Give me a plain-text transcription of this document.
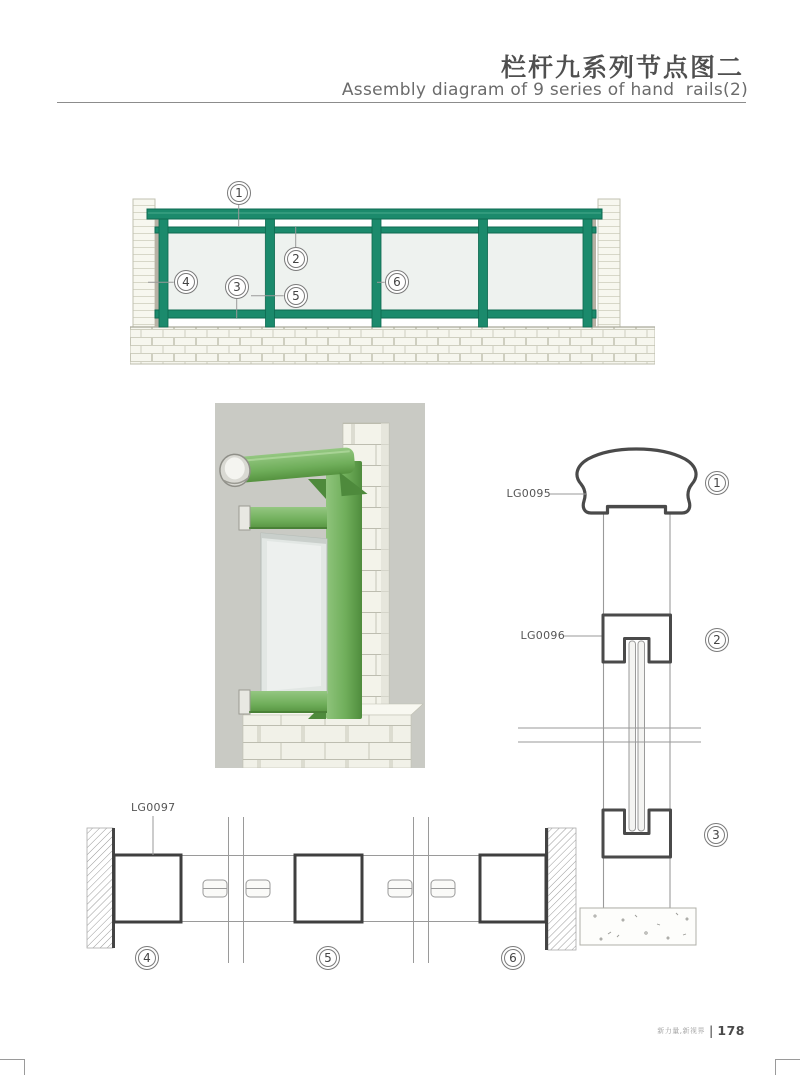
栏杆九系列节点图二
Assembly diagram of 9 series of hand  rails(2)
1
2
3
4
5
6
LG0095
LG0096
1
2
3
LG0097
4	5	6
新力量,新视界 | 178
